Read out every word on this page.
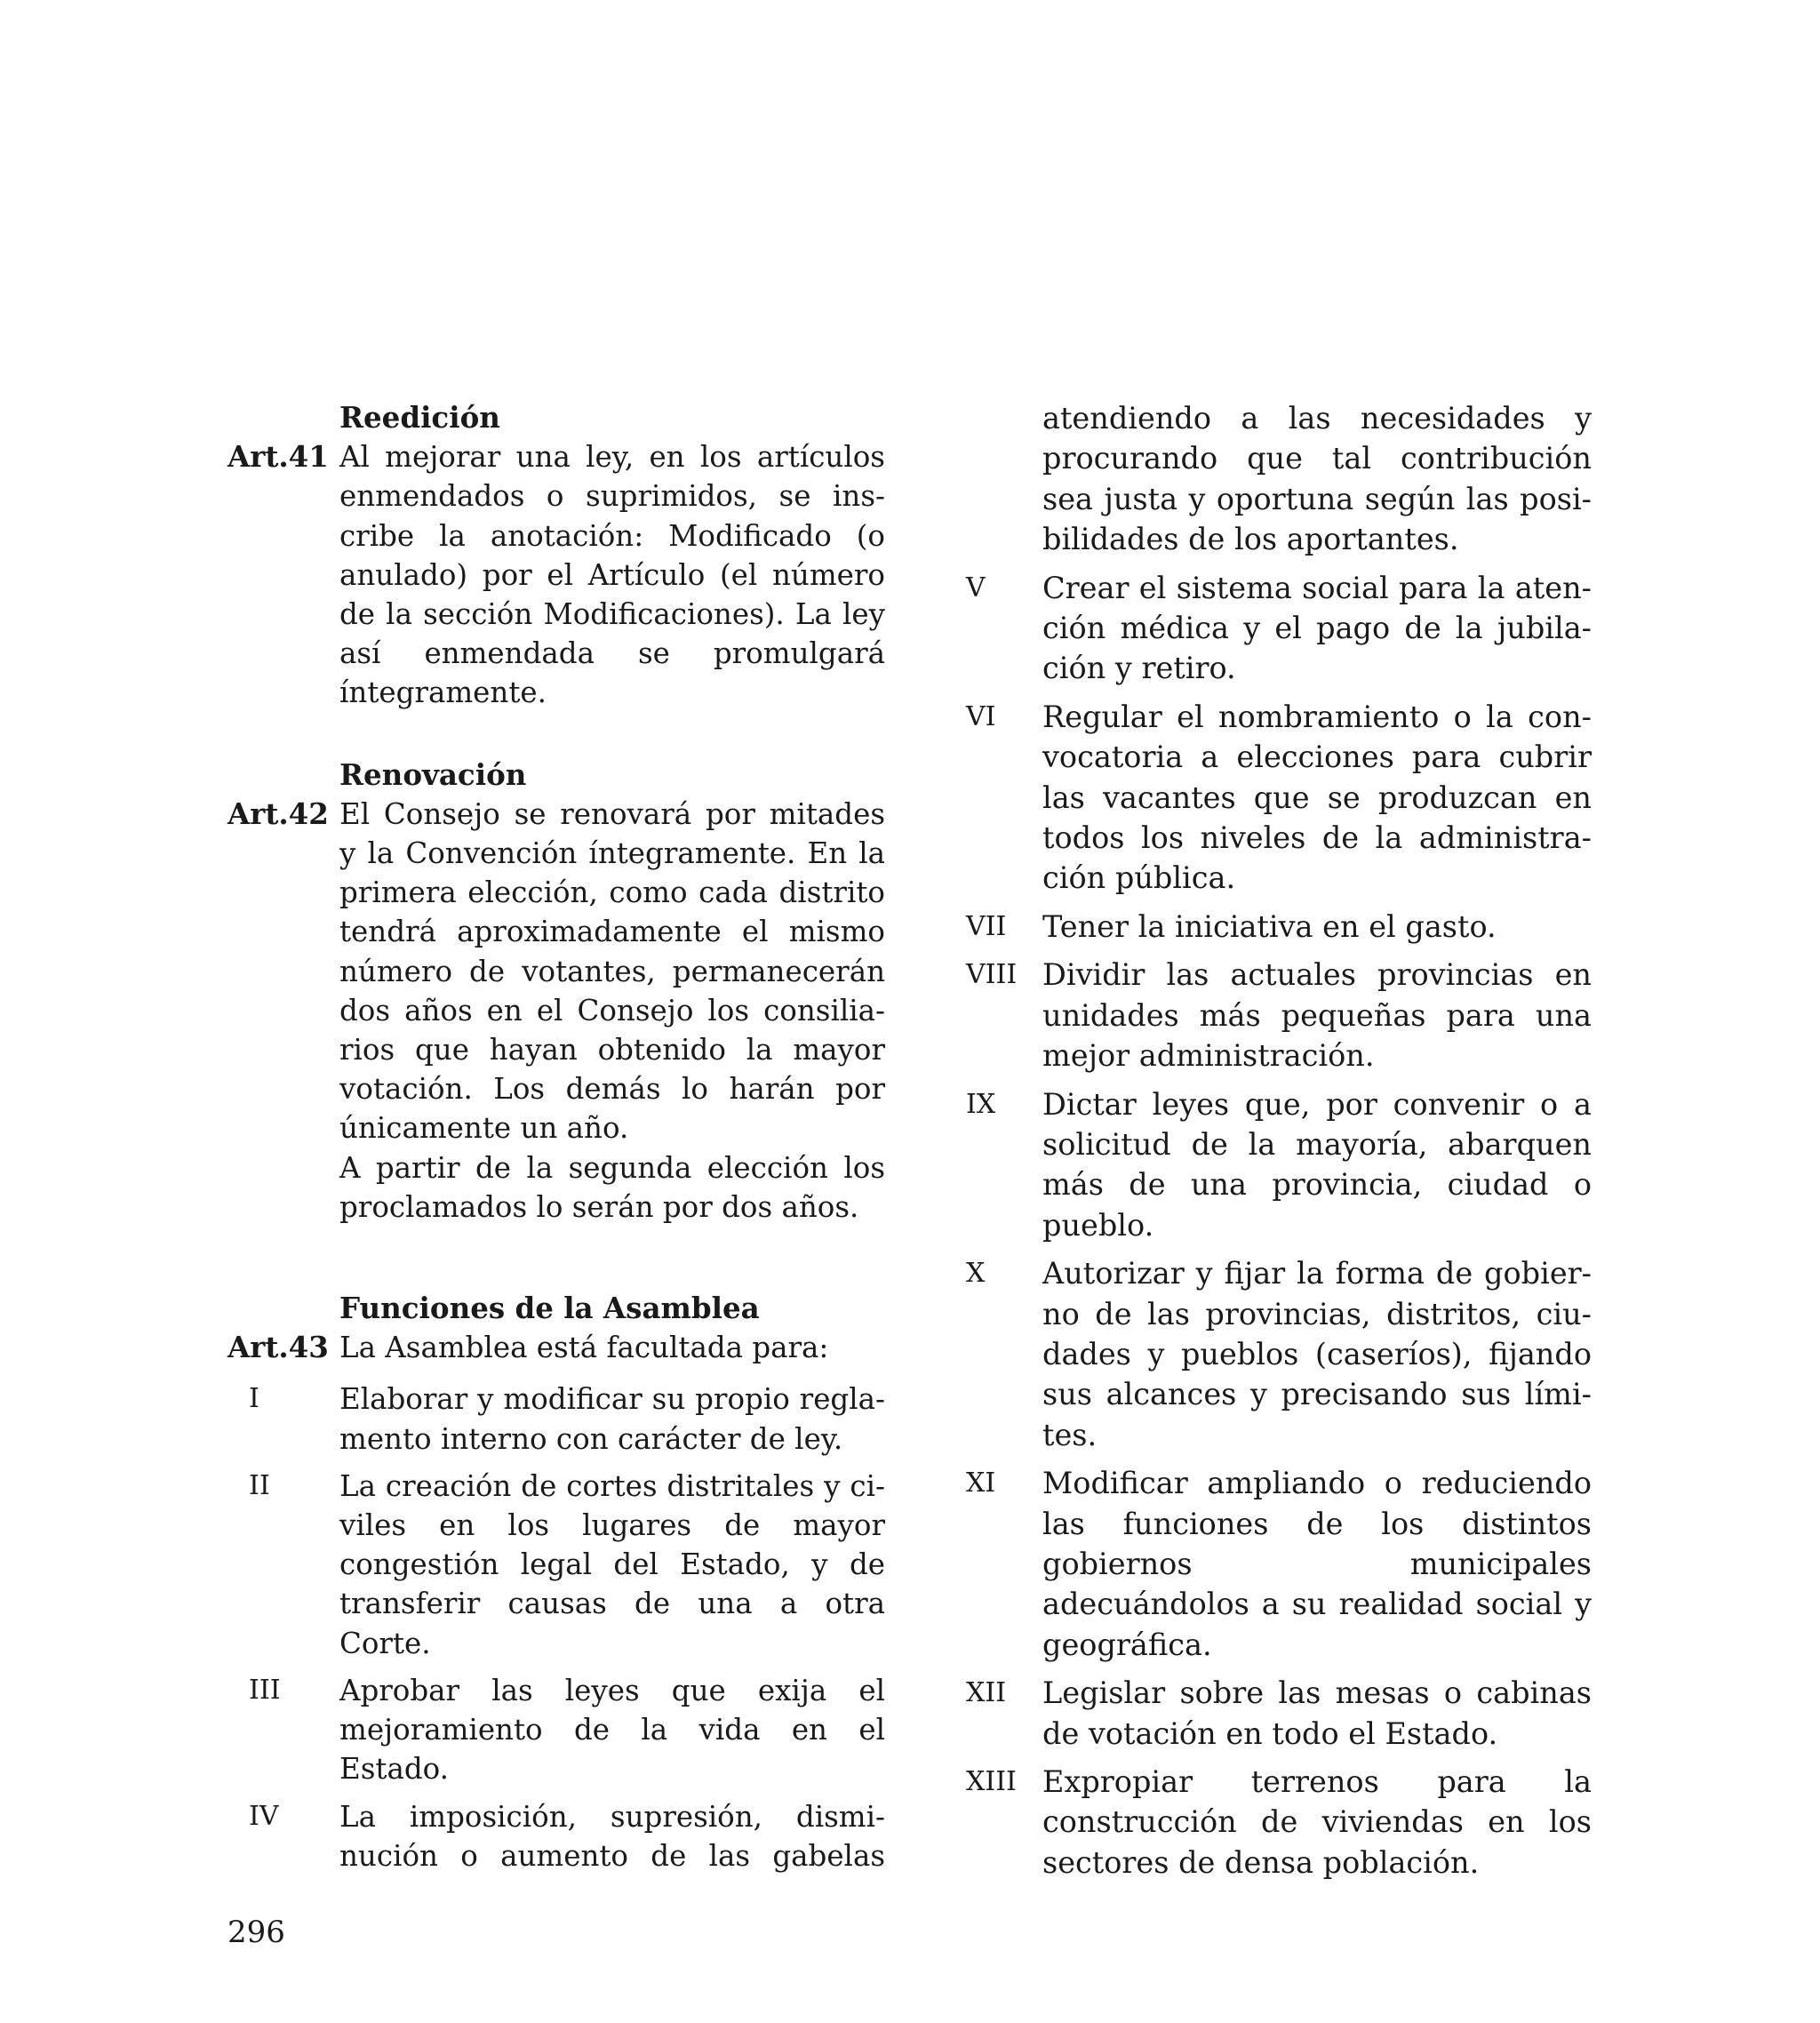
Reedición
Art.41 Al mejorar una ley, en los artículos enmendados o suprimidos, se inscribe la anotación: Modificado (o anulado) por el Artículo (el número de la sección Modificaciones). La ley así enmendada se promulgará íntegramente.

Renovación
Art.42 El Consejo se renovará por mitades y la Convención íntegramente. En la primera elección, como cada distrito tendrá aproximadamente el mismo número de votantes, permanecerán dos años en el Consejo los consiliarios que hayan obtenido la mayor votación. Los demás lo harán por únicamente un año.

A partir de la segunda elección los proclamados lo serán por dos años.

Funciones de la Asamblea
Art.43 La Asamblea está facultada para:

I	Elaborar y modificar su propio reglamento interno con carácter de ley.

II	La creación de cortes distritales y civiles en los lugares de mayor congestión legal del Estado, y de transferir causas de una a otra Corte.

III	Aprobar las leyes que exija el mejoramiento de la vida en el Estado.

IV	La imposición, supresión, disminución o aumento de las gabelas

atendiendo a las necesidades y procurando que tal contribución sea justa y oportuna según las posibilidades de los aportantes.

V	Crear el sistema social para la atención médica y el pago de la jubilación y retiro.

VI	Regular el nombramiento o la convocatoria a elecciones para cubrir las vacantes que se produzcan en todos los niveles de la administración pública.

VII	Tener la iniciativa en el gasto.

VIII Dividir las actuales provincias en unidades más pequeñas para una mejor administración.

IX	Dictar leyes que, por convenir o a solicitud de la mayoría, abarquen más de una provincia, ciudad o pueblo.

X	Autorizar y fijar la forma de gobierno de las provincias, distritos, ciudades y pueblos (caseríos), fijando sus alcances y precisando sus límites.

XI	Modificar ampliando o reduciendo las funciones de los distintos gobiernos municipales adecuándolos a su realidad social y geográfica.

XII	Legislar sobre las mesas o cabinas de votación en todo el Estado.

XIII Expropiar terrenos para la construcción de viviendas en los sectores de densa población.

296
